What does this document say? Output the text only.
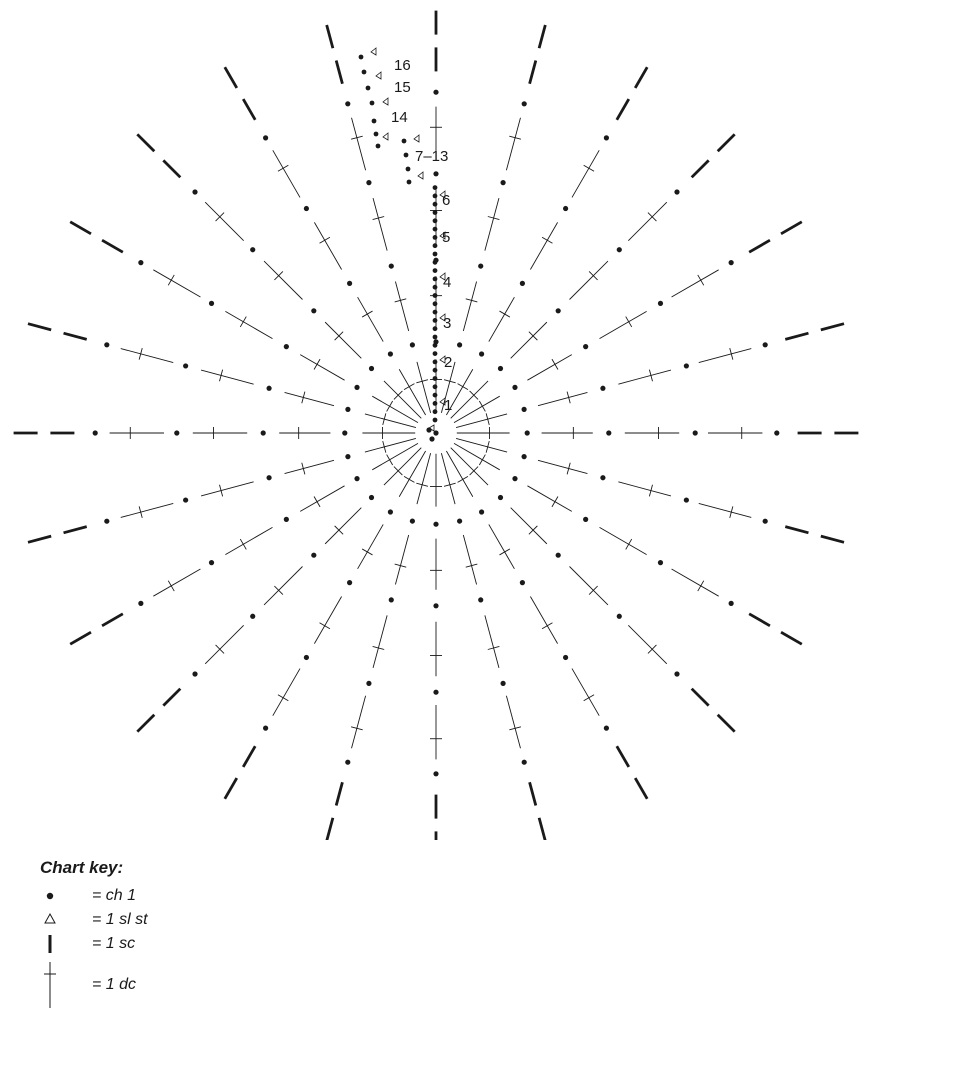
1
2
3
4
5
6
7–13
14
15
16
Chart key:
= ch 1
= 1 sl st
= 1 sc
= 1 dc
